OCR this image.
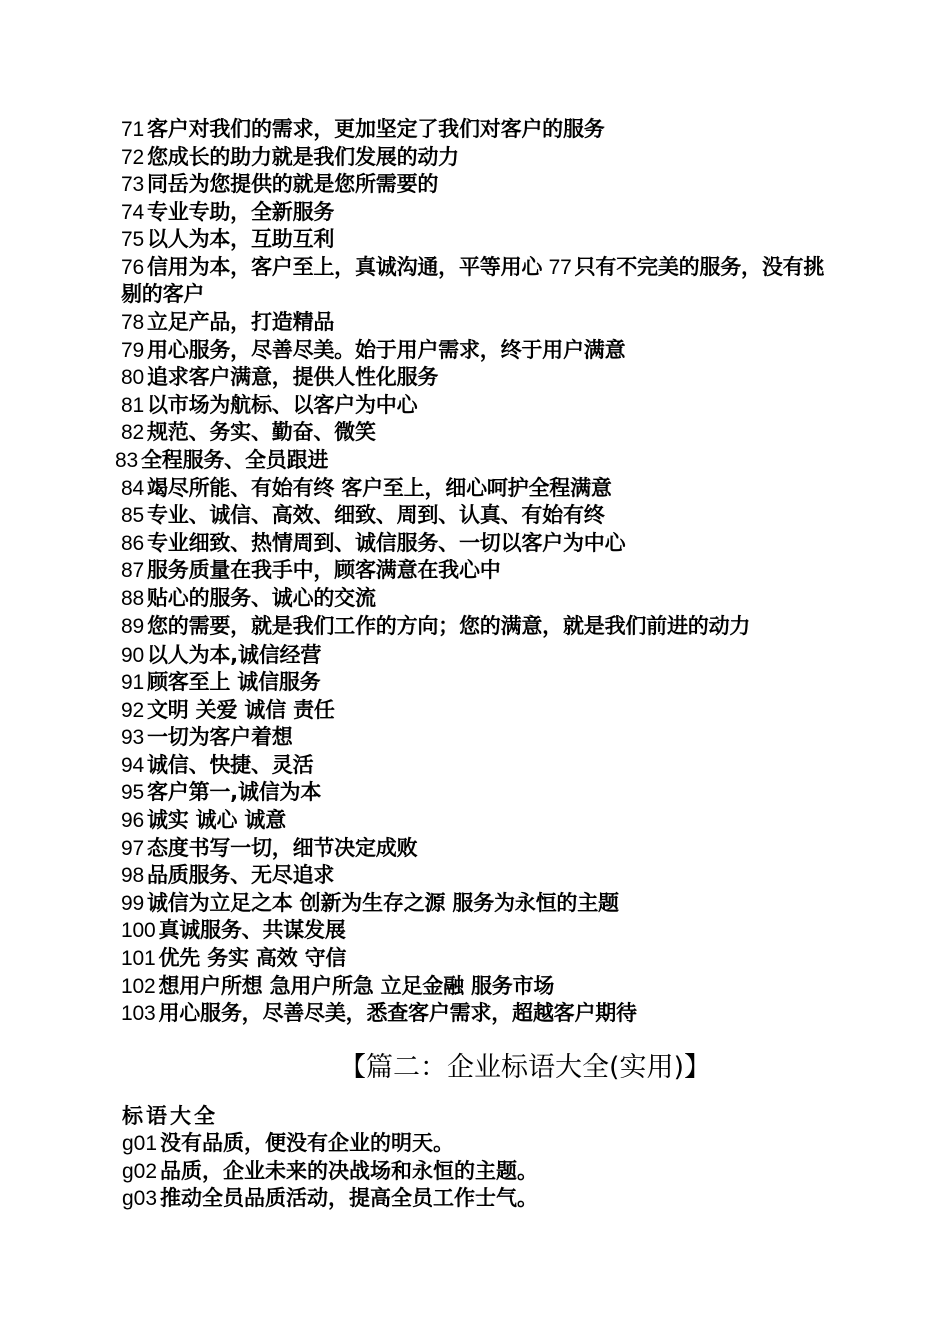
71 客户对我们的需求，更加坚定了我们对客户的服务
72 您成长的助力就是我们发展的动力
73 同岳为您提供的就是您所需要的
74 专业专助，全新服务
75 以人为本，互助互利
76 信用为本，客户至上，真诚沟通，平等用心 77 只有不完美的服务，没有挑剔的客户
78 立足产品，打造精品
79 用心服务，尽善尽美。始于用户需求，终于用户满意
80 追求客户满意，提供人性化服务
81 以市场为航标、以客户为中心
82 规范、务实、勤奋、微笑
83 全程服务、全员跟进
84 竭尽所能、有始有终 客户至上，细心呵护全程满意
85 专业、诚信、高效、细致、周到、认真、有始有终
86 专业细致、热情周到、诚信服务、一切以客户为中心
87 服务质量在我手中，顾客满意在我心中
88 贴心的服务、诚心的交流
89 您的需要，就是我们工作的方向；您的满意，就是我们前进的动力
90 以人为本,诚信经营
91 顾客至上 诚信服务
92 文明 关爱 诚信 责任
93 一切为客户着想
94 诚信、快捷、灵活
95 客户第一,诚信为本
96 诚实 诚心 诚意
97 态度书写一切，细节决定成败
98 品质服务、无尽追求
99 诚信为立足之本 创新为生存之源 服务为永恒的主题
100 真诚服务、共谋发展
101 优先 务实 高效 守信
102 想用户所想 急用户所急 立足金融 服务市场
103 用心服务，尽善尽美，悉查客户需求，超越客户期待
【篇二：企业标语大全(实用)】
标语大全
g01 没有品质，便没有企业的明天。
g02 品质，企业未来的决战场和永恒的主题。
g03 推动全员品质活动，提高全员工作士气。
